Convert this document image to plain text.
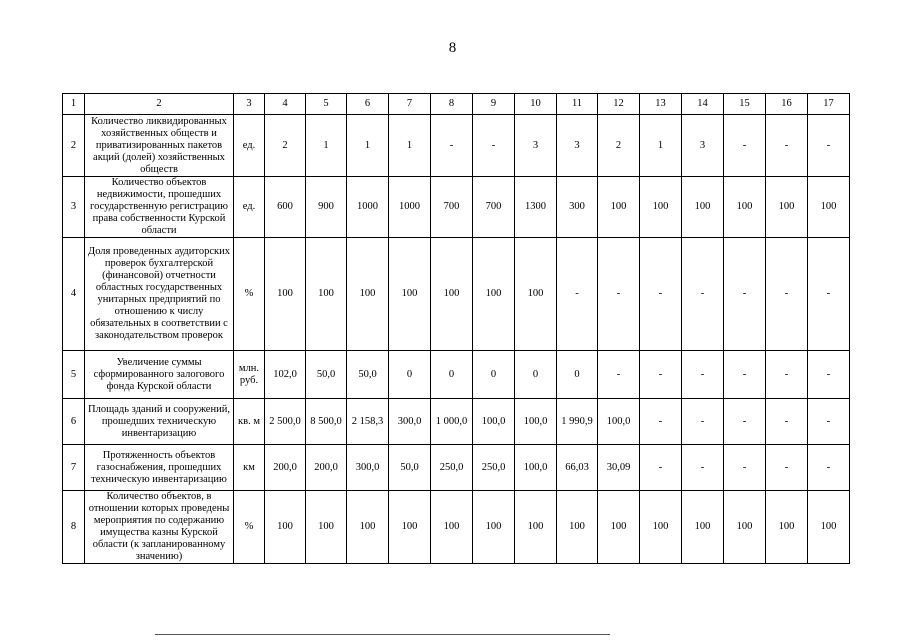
8
1	2	3	4	5	6	7	8	9	10	11	12	13	14	15	16	17
2	Количество ликвидированных хозяйственных обществ и приватизированных пакетов акций (долей) хозяйственных обществ	ед.	2	1	1	1	-	-	3	3	2	1	3	-	-	-
3	Количество объектов недвижимости, прошедших государственную регистрацию права собственности Курской области	ед.	600	900	1000	1000	700	700	1300	300	100	100	100	100	100	100
4	Доля проведенных аудиторских проверок бухгалтерской (финансовой) отчетности областных государственных унитарных предприятий по отношению к числу обязательных в соответствии с законодательством проверок	%	100	100	100	100	100	100	100	-	-	-	-	-	-	-
5	Увеличение суммы сформированного залогового фонда Курской области	млн. руб.	102,0	50,0	50,0	0	0	0	0	0	-	-	-	-	-	-
6	Площадь зданий и сооружений, прошедших техническую инвентаризацию	кв. м	2 500,0	8 500,0	2 158,3	300,0	1 000,0	100,0	100,0	1 990,9	100,0	-	-	-	-	-
7	Протяженность объектов газоснабжения, прошедших техническую инвентаризацию	км	200,0	200,0	300,0	50,0	250,0	250,0	100,0	66,03	30,09	-	-	-	-	-
8	Количество объектов, в отношении которых проведены мероприятия по содержанию имущества казны Курской области (к запланированному значению)	%	100	100	100	100	100	100	100	100	100	100	100	100	100	100
